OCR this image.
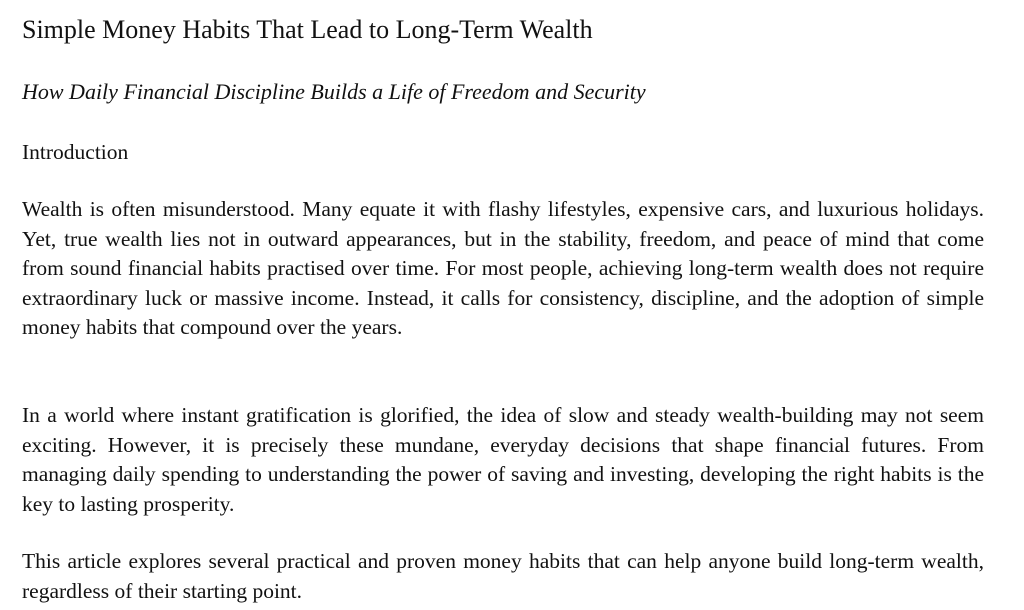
Simple Money Habits That Lead to Long-Term Wealth

How Daily Financial Discipline Builds a Life of Freedom and Security

Introduction

Wealth is often misunderstood. Many equate it with flashy lifestyles, expensive cars, and luxurious holidays. Yet, true wealth lies not in outward appearances, but in the stability, freedom, and peace of mind that come from sound financial habits practised over time. For most people, achieving long-term wealth does not require extraordinary luck or massive income. Instead, it calls for consistency, discipline, and the adoption of simple money habits that compound over the years.

In a world where instant gratification is glorified, the idea of slow and steady wealth-building may not seem exciting. However, it is precisely these mundane, everyday decisions that shape financial futures. From managing daily spending to understanding the power of saving and investing, developing the right habits is the key to lasting prosperity.

This article explores several practical and proven money habits that can help anyone build long-term wealth, regardless of their starting point.
